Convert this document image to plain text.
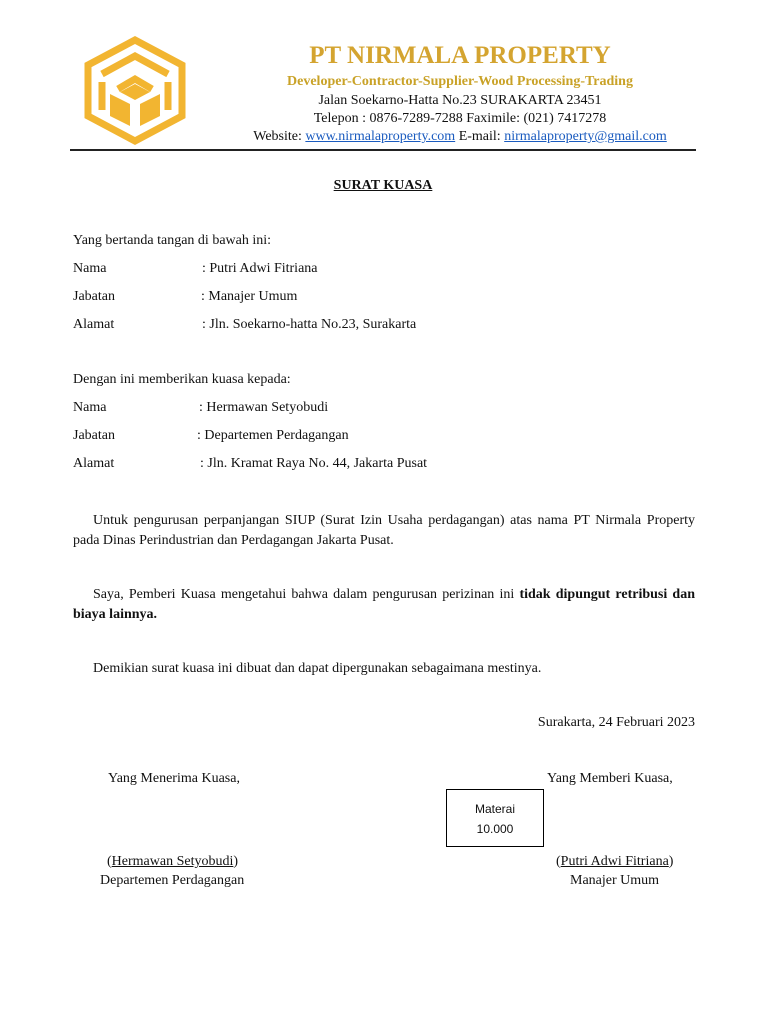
PT NIRMALA PROPERTY
Developer-Contractor-Supplier-Wood Processing-Trading
Jalan Soekarno-Hatta No.23 SURAKARTA 23451
Telepon : 0876-7289-7288 Faximile: (021) 7417278
Website: www.nirmalaproperty.com E-mail: nirmalaproperty@gmail.com
SURAT KUASA
Yang bertanda tangan di bawah ini:
Nama	: Putri Adwi Fitriana
Jabatan	: Manajer Umum
Alamat	: Jln. Soekarno-hatta No.23, Surakarta
Dengan ini memberikan kuasa kepada:
Nama	: Hermawan Setyobudi
Jabatan	: Departemen Perdagangan
Alamat	: Jln. Kramat Raya No. 44, Jakarta Pusat
Untuk pengurusan perpanjangan SIUP (Surat Izin Usaha perdagangan) atas nama PT Nirmala Property pada Dinas Perindustrian dan Perdagangan Jakarta Pusat.
Saya, Pemberi Kuasa mengetahui bahwa dalam pengurusan perizinan ini tidak dipungut retribusi dan biaya lainnya.
Demikian surat kuasa ini dibuat dan dapat dipergunakan sebagaimana mestinya.
Surakarta, 24 Februari 2023
Yang Menerima Kuasa,	Yang Memberi Kuasa,
Materai
10.000
(Hermawan Setyobudi)
Departemen Perdagangan
(Putri Adwi Fitriana)
Manajer Umum
